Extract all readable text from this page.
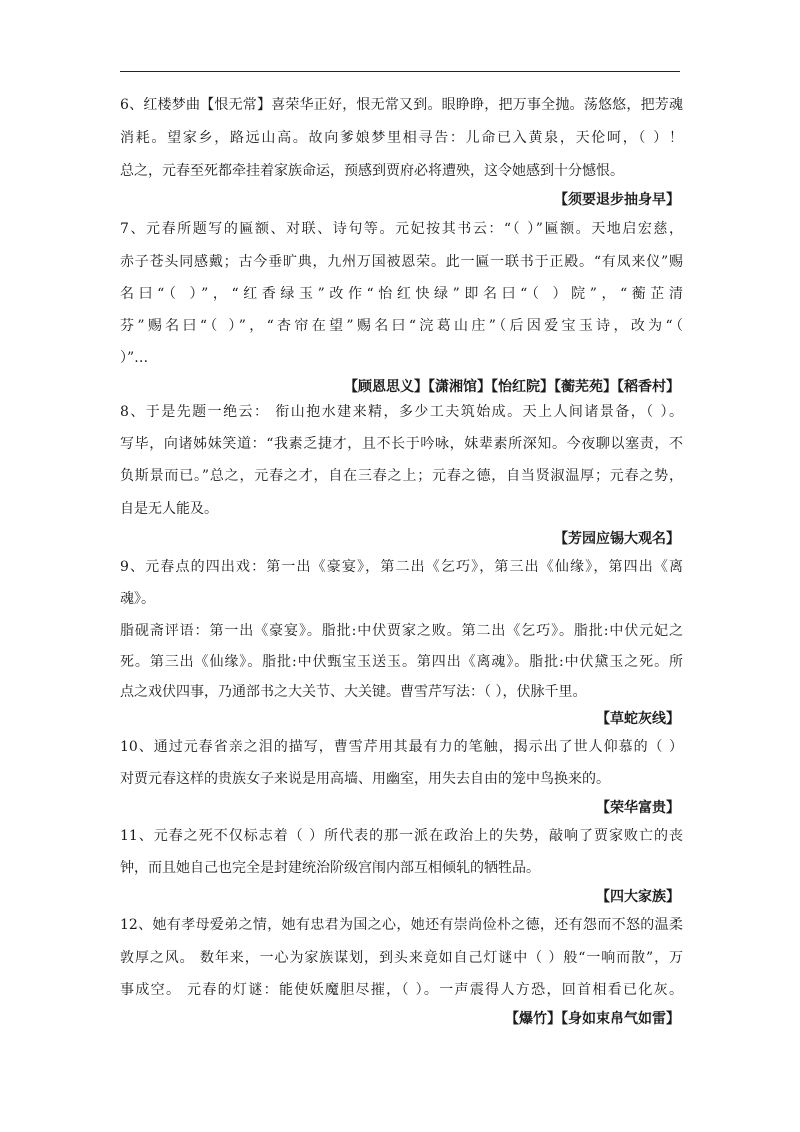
6、红楼梦曲【恨无常】喜荣华正好，恨无常又到。眼睁睁，把万事全抛。荡悠悠，把芳魂
消耗。望家乡，路远山高。故向爹娘梦里相寻告：儿命已入黄泉，天伦呵，（ ）！
总之，元春至死都牵挂着家族命运，预感到贾府必将遭殃，这令她感到十分憾恨。
【须要退步抽身早】
7、元春所题写的匾额、对联、诗句等。元妃按其书云：“（ ）”匾额。天地启宏慈，
赤子苍头同感戴；古今垂旷典，九州万国被恩荣。此一匾一联书于正殿。“有凤来仪”赐
名曰“（ ）”，“红香绿玉”改作“怡红快绿”即名曰“（ ）院”，“蘅芷清
芬”赐名曰“（ ）”，“杏帘在望”赐名曰“浣葛山庄”（后因爱宝玉诗，改为“（
）”…
【顾恩思义】【潇湘馆】【怡红院】【蘅芜苑】【稻香村】
8、于是先题一绝云： 衔山抱水建来精，多少工夫筑始成。天上人间诸景备，（ ）。
写毕，向诸姊妹笑道：“我素乏捷才，且不长于吟咏，妹辈素所深知。今夜聊以塞责，不
负斯景而已。”总之，元春之才，自在三春之上；元春之德，自当贤淑温厚；元春之势，
自是无人能及。
【芳园应锡大观名】
9、元春点的四出戏：第一出《豪宴》，第二出《乞巧》，第三出《仙缘》，第四出《离
魂》。
脂砚斋评语：第一出《豪宴》。脂批:中伏贾家之败。第二出《乞巧》。脂批:中伏元妃之
死。第三出《仙缘》。脂批:中伏甄宝玉送玉。第四出《离魂》。脂批:中伏黛玉之死。所
点之戏伏四事，乃通部书之大关节、大关键。曹雪芹写法：（ ），伏脉千里。
【草蛇灰线】
10、通过元春省亲之泪的描写，曹雪芹用其最有力的笔触，揭示出了世人仰慕的（ ）
对贾元春这样的贵族女子来说是用高墙、用幽室，用失去自由的笼中鸟换来的。
【荣华富贵】
11、元春之死不仅标志着（ ）所代表的那一派在政治上的失势，敲响了贾家败亡的丧
钟，而且她自己也完全是封建统治阶级宫闱内部互相倾轧的牺牲品。
【四大家族】
12、她有孝母爱弟之情，她有忠君为国之心，她还有崇尚俭朴之德，还有怨而不怒的温柔
敦厚之风。 数年来，一心为家族谋划，到头来竟如自己灯谜中（ ）般“一响而散”，万
事成空。 元春的灯谜：能使妖魔胆尽摧，（ ）。一声震得人方恐，回首相看已化灰。
【爆竹】【身如束帛气如雷】
